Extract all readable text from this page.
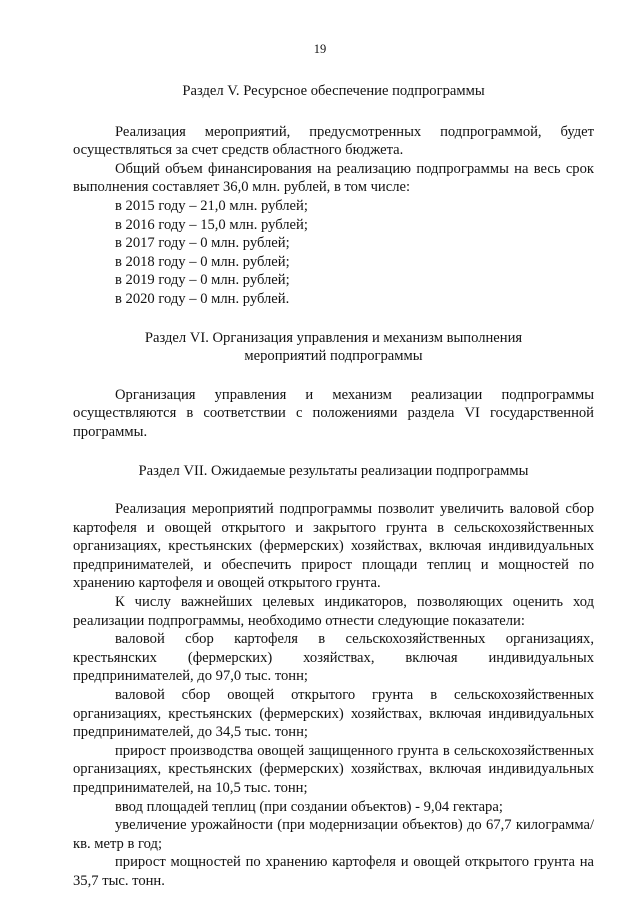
19

Раздел V. Ресурсное обеспечение подпрограммы

Реализация мероприятий, предусмотренных подпрограммой, будет осуществляться за счет средств областного бюджета.

Общий объем финансирования на реализацию подпрограммы на весь срок выполнения составляет 36,0 млн. рублей, в том числе:

в 2015 году – 21,0 млн. рублей;

в 2016 году – 15,0 млн. рублей;

в 2017 году – 0 млн. рублей;

в 2018 году – 0 млн. рублей;

в 2019 году – 0 млн. рублей;

в 2020 году – 0 млн. рублей.

Раздел VI. Организация управления и механизм выполнения

мероприятий подпрограммы

Организация управления и механизм реализации подпрограммы осуществляются в соответствии с положениями раздела VI государственной программы.

Раздел VII. Ожидаемые результаты реализации подпрограммы

Реализация мероприятий подпрограммы позволит увеличить валовой сбор картофеля и овощей открытого и закрытого грунта в сельскохозяйственных организациях, крестьянских (фермерских) хозяйствах, включая индивидуальных предпринимателей, и обеспечить прирост площади теплиц и мощностей по хранению картофеля и овощей открытого грунта.

К числу важнейших целевых индикаторов, позволяющих оценить ход реализации подпрограммы, необходимо отнести следующие показатели:

валовой сбор картофеля в сельскохозяйственных организациях, крестьянских (фермерских) хозяйствах, включая индивидуальных предпринимателей, до 97,0 тыс. тонн;

валовой сбор овощей открытого грунта в сельскохозяйственных организациях, крестьянских (фермерских) хозяйствах, включая индивидуальных предпринимателей, до 34,5 тыс. тонн;

прирост производства овощей защищенного грунта в сельскохозяйственных организациях, крестьянских (фермерских) хозяйствах, включая индивидуальных предпринимателей, на 10,5 тыс. тонн;

ввод площадей теплиц (при создании объектов) - 9,04 гектара;

увеличение урожайности (при модернизации объектов) до 67,7 килограмма/кв. метр в год;

прирост мощностей по хранению картофеля и овощей открытого грунта на 35,7 тыс. тонн.
